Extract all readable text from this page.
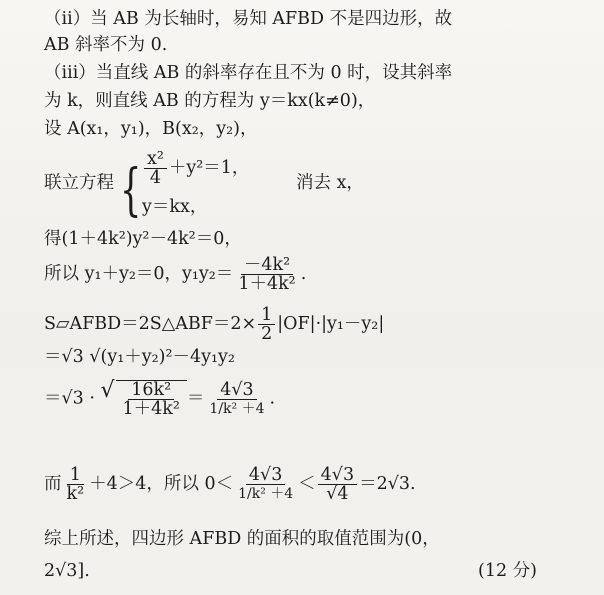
（ⅱ）当 AB 为长轴时，易知 AFBD 不是四边形，故
AB 斜率不为 0.
（ⅲ）当直线 AB 的斜率存在且不为 0 时，设其斜率
为 k，则直线 AB 的方程为 y＝kx(k≠0)，
设 A(x₁，y₁)，B(x₂，y₂)，
联立方程 { $\frac{\text{x²}}{4} +y^2=1$，
消去 x，
y＝kx，
得(1＋4k²)y²－4k²＝0，
所以 y₁＋y₂＝0，$y_1y_2= \frac{\text{－4k²}}{\text{1＋4k²}}$ .
S▱AFBD＝2S△ABF＝2× $\frac{1}{2} |OF|\cdot|y_1-y_2|$
＝√3 √(y₁＋y₂)²－4y₁y₂
＝√3 · √ $\frac{\text{16k²}}{\text{1＋4k²}} = \frac{4√3}{\text{1/k² ＋4}}$ .
而 $\frac{1}{\text{k²}} +4>4$，所以 $0< \frac{4√3}{\text{1/k² ＋4}} < \frac{4√3}{√4} =2√3$.
综上所述，四边形 AFBD 的面积的取值范围为(0，
2√3].	(12 分)
